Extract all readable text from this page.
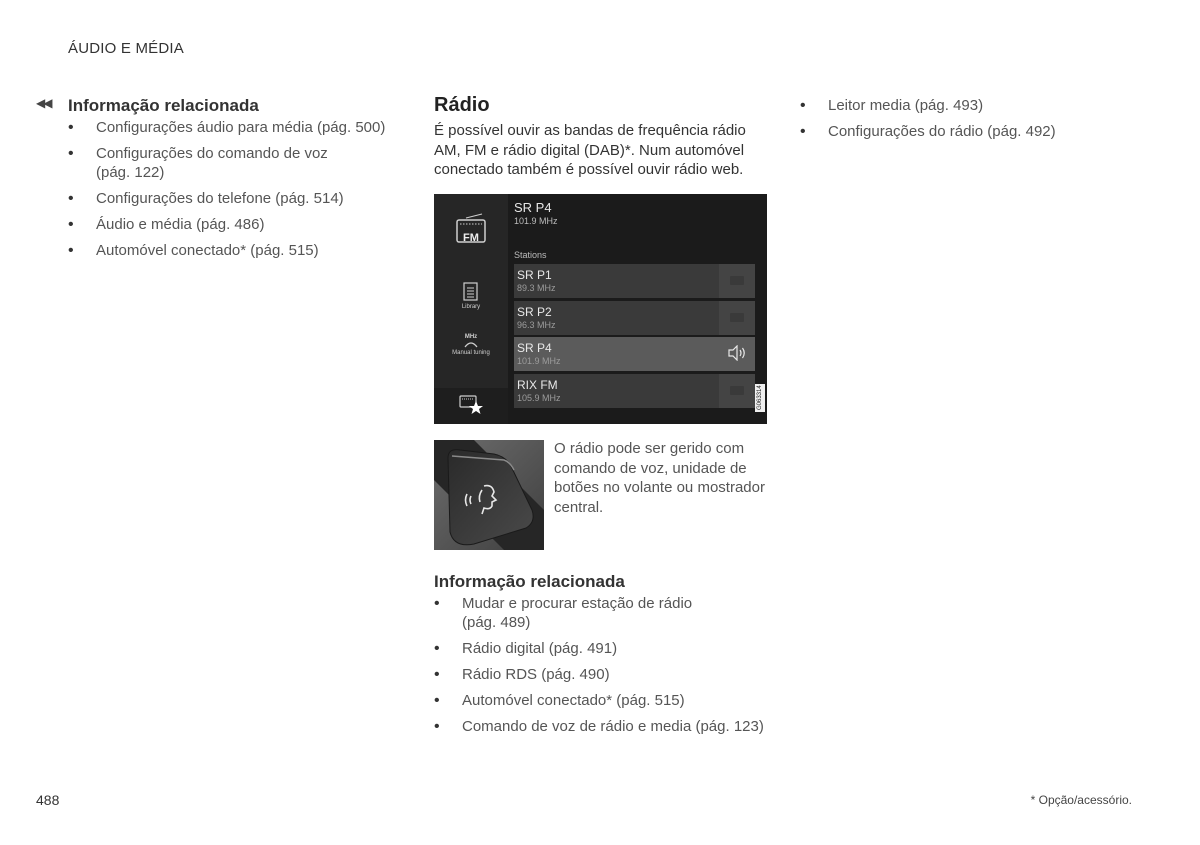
ÁUDIO E MÉDIA
◀◀ Informação relacionada
• Configurações áudio para média (pág. 500)
• Configurações do comando de voz (pág. 122)
• Configurações do telefone (pág. 514)
• Áudio e média (pág. 486)
• Automóvel conectado* (pág. 515)
Rádio
É possível ouvir as bandas de frequência rádio AM, FM e rádio digital (DAB)*. Num automóvel conectado também é possível ouvir rádio web.
FM
Library
MHz
Manual tuning
SR P4
101.9 MHz
Stations
SR P1
89.3 MHz
SR P2
96.3 MHz
SR P4
101.9 MHz
RIX FM
105.9 MHz	G063314
O rádio pode ser gerido com comando de voz, unidade de botões no volante ou mostrador central.
Informação relacionada
• Mudar e procurar estação de rádio (pág. 489)
• Rádio digital (pág. 491)
• Rádio RDS (pág. 490)
• Automóvel conectado* (pág. 515)
• Comando de voz de rádio e media (pág. 123)
• Leitor media (pág. 493)
• Configurações do rádio (pág. 492)
488	* Opção/acessório.
